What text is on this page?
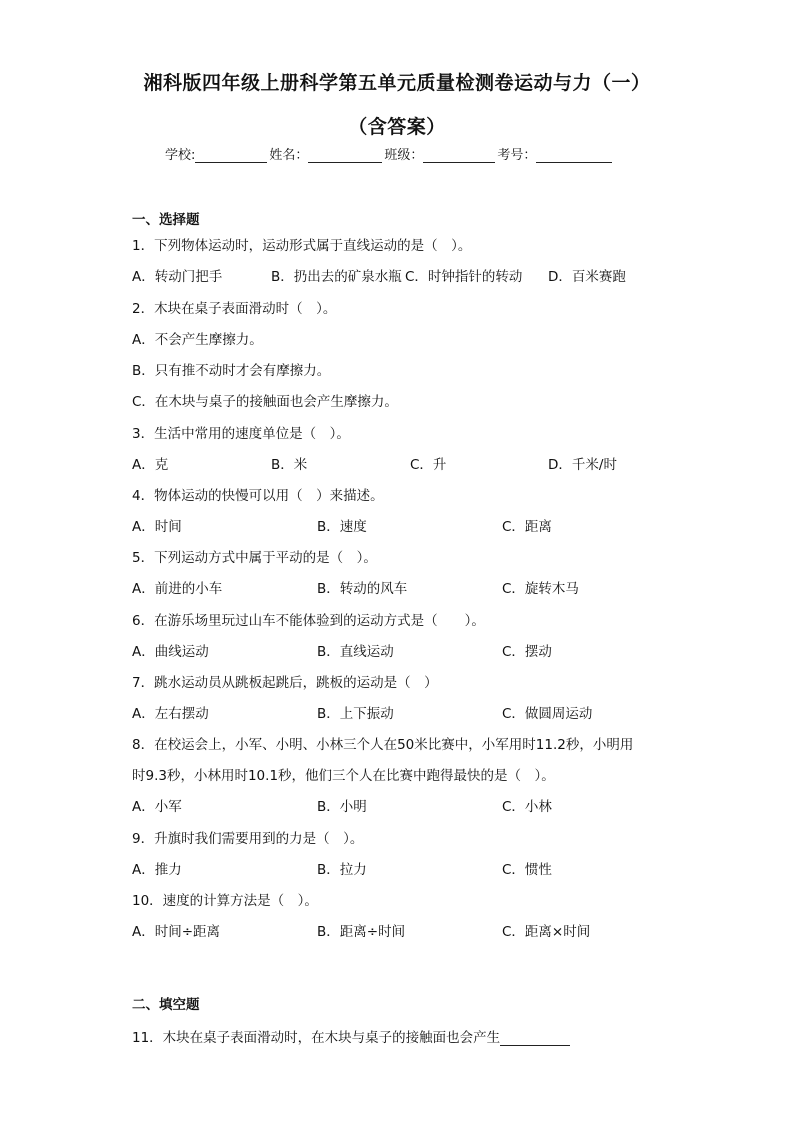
湘科版四年级上册科学第五单元质量检测卷运动与力（一）
（含答案）
学校:	姓名：	班级：	考号：
一、选择题
1．下列物体运动时，运动形式属于直线运动的是（　）。
A．转动门把手	B．扔出去的矿泉水瓶 C．时钟指针的转动 D．百米赛跑
2．木块在桌子表面滑动时（　）。
A．不会产生摩擦力。
B．只有推不动时才会有摩擦力。
C．在木块与桌子的接触面也会产生摩擦力。
3．生活中常用的速度单位是（　）。
A．克	B．米	C．升	D．千米/时
4．物体运动的快慢可以用（　）来描述。
A．时间	B．速度	C．距离
5．下列运动方式中属于平动的是（　）。
A．前进的小车	B．转动的风车	C．旋转木马
6．在游乐场里玩过山车不能体验到的运动方式是（　　）。
A．曲线运动	B．直线运动	C．摆动
7．跳水运动员从跳板起跳后，跳板的运动是（　）
A．左右摆动	B．上下振动	C．做圆周运动
8．在校运会上，小军、小明、小林三个人在50米比赛中，小军用时11.2秒，小明用
时9.3秒，小林用时10.1秒，他们三个人在比赛中跑得最快的是（　）。
A．小军	B．小明	C．小林
9．升旗时我们需要用到的力是（　）。
A．推力	B．拉力	C．惯性
10．速度的计算方法是（　）。
A．时间÷距离	B．距离÷时间	C．距离×时间
二、填空题
11．木块在桌子表面滑动时，在木块与桌子的接触面也会产生
